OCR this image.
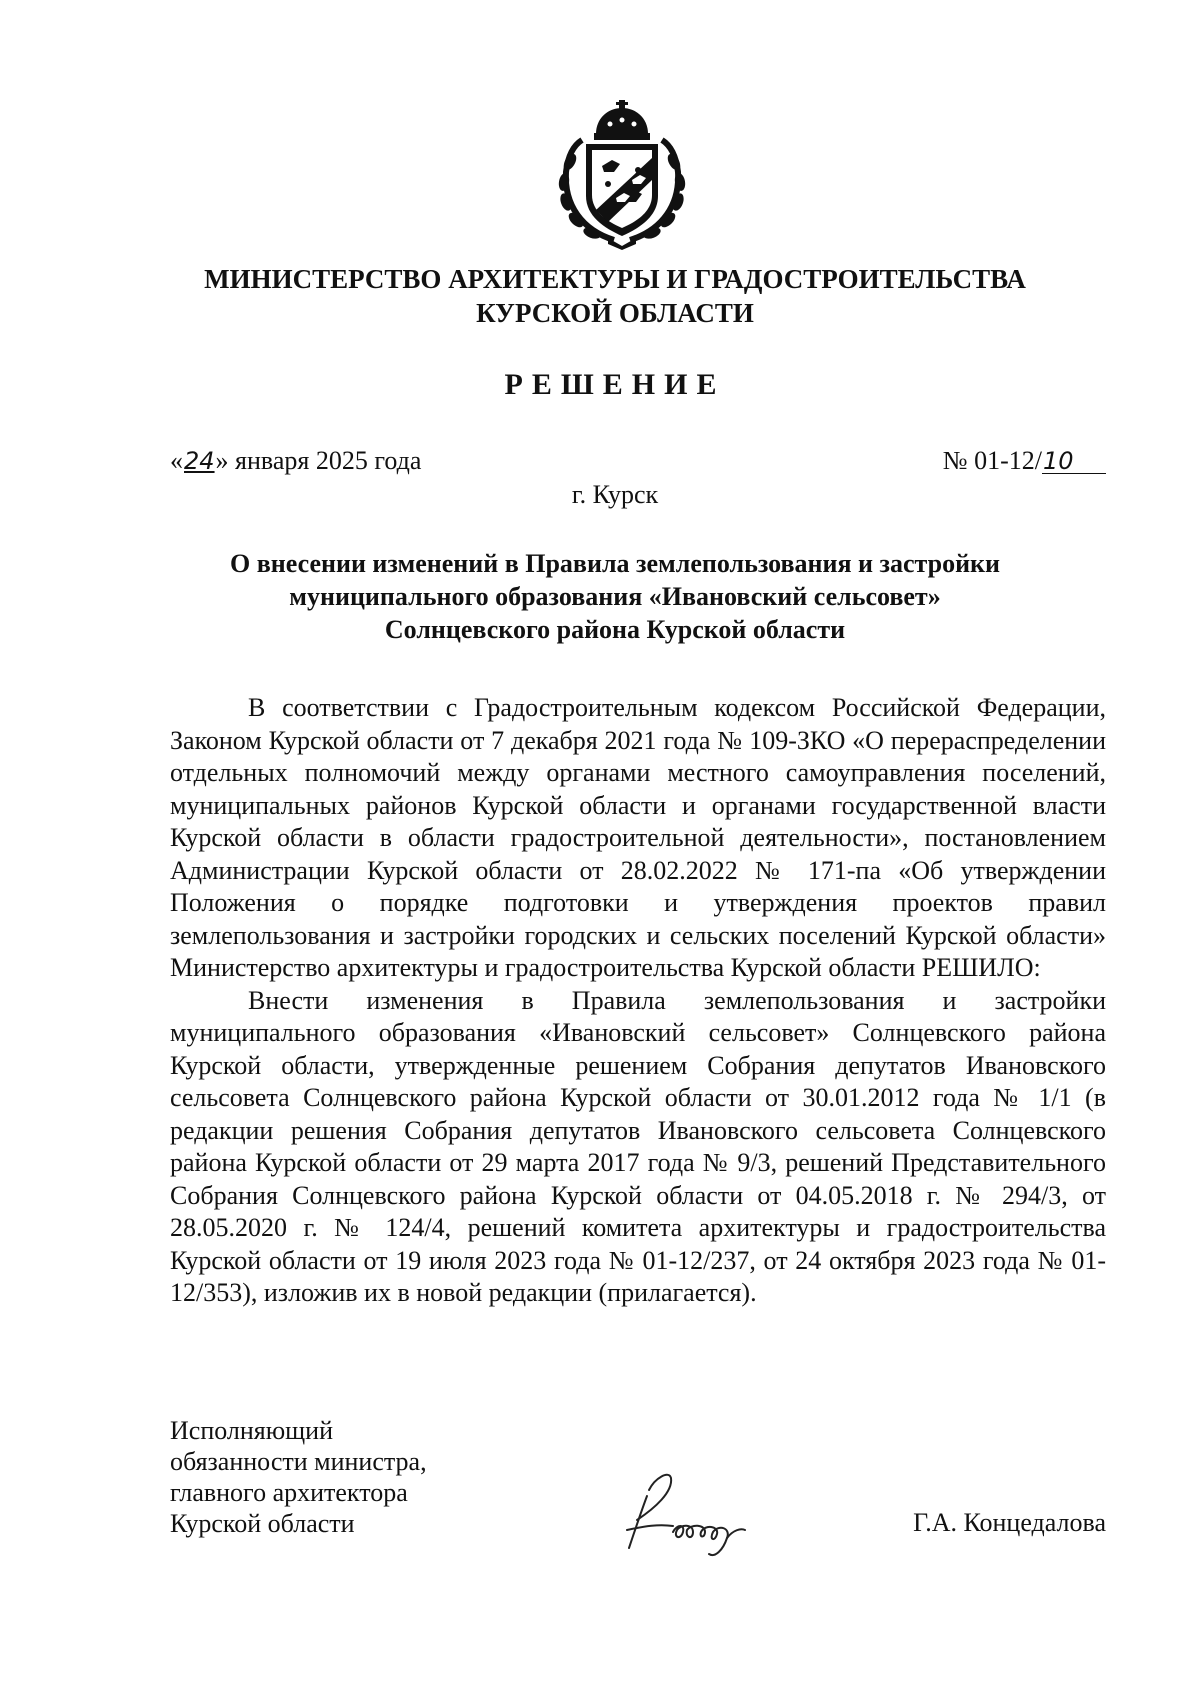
МИНИСТЕРСТВО АРХИТЕКТУРЫ И ГРАДОСТРОИТЕЛЬСТВА
КУРСКОЙ ОБЛАСТИ
РЕШЕНИЕ
«24» января 2025 года	№ 01-12/10
г. Курск
О внесении изменений в Правила землепользования и застройки
муниципального образования «Ивановский сельсовет»
Солнцевского района Курской области

В соответствии с Градостроительным кодексом Российской Федерации, Законом Курской области от 7 декабря 2021 года № 109-ЗКО «О перераспределении отдельных полномочий между органами местного самоуправления поселений, муниципальных районов Курской области и органами государственной власти Курской области в области градостроительной деятельности», постановлением Администрации Курской области от 28.02.2022 № 171-па «Об утверждении Положения о порядке подготовки и утверждения проектов правил землепользования и застройки городских и сельских поселений Курской области» Министерство архитектуры и градостроительства Курской области РЕШИЛО:

Внести изменения в Правила землепользования и застройки муниципального образования «Ивановский сельсовет» Солнцевского района Курской области, утвержденные решением Собрания депутатов Ивановского сельсовета Солнцевского района Курской области от 30.01.2012 года № 1/1 (в редакции решения Собрания депутатов Ивановского сельсовета Солнцевского района Курской области от 29 марта 2017 года № 9/3, решений Представительного Собрания Солнцевского района Курской области от 04.05.2018 г. № 294/3, от 28.05.2020 г. № 124/4, решений комитета архитектуры и градостроительства Курской области от 19 июля 2023 года № 01-12/237, от 24 октября 2023 года № 01-12/353), изложив их в новой редакции (прилагается).

Исполняющий
обязанности министра,
главного архитектора
Курской области	Г.А. Концедалова
